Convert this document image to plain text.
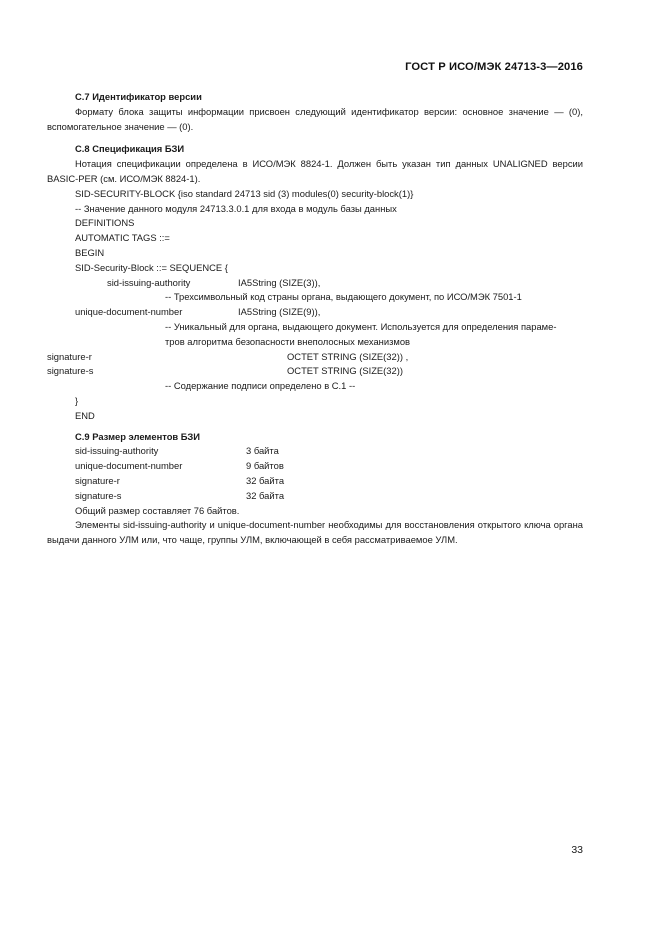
ГОСТ Р ИСО/МЭК 24713-3—2016

С.7 Идентификатор версии

Формату блока защиты информации присвоен следующий идентификатор версии: основное значение — (0), вспомогательное значение — (0).

С.8 Спецификация БЗИ

Нотация спецификации определена в ИСО/МЭК 8824-1. Должен быть указан тип данных UNALIGNED версии BASIC-PER (см. ИСО/МЭК 8824-1).

SID-SECURITY-BLOCK {iso standard 24713 sid (3) modules(0) security-block(1)}

-- Значение данного модуля 24713.3.0.1 для входа в модуль базы данных

DEFINITIONS

AUTOMATIC TAGS ::=

BEGIN

SID-Security-Block ::= SEQUENCE {

sid-issuing-authority	IA5String (SIZE(3)),

-- Трехсимвольный код страны органа, выдающего документ, по ИСО/МЭК 7501-1

unique-document-number	IA5String (SIZE(9)),

-- Уникальный для органа, выдающего документ. Используется для определения параме-

тров алгоритма безопасности внеполосных механизмов

signature-r	OCTET STRING (SIZE(32)) ,
signature-s	OCTET STRING (SIZE(32))

-- Содержание подписи определено в С.1 --

}

END

С.9 Размер элементов БЗИ

sid-issuing-authority	3 байта
unique-document-number	9 байтов
signature-r	32 байта
signature-s	32 байта

Общий размер составляет 76 байтов.

Элементы sid-issuing-authority и unique-document-number необходимы для восстановления открытого ключа органа выдачи данного УЛМ или, что чаще, группы УЛМ, включающей в себя рассматриваемое УЛМ.

33
